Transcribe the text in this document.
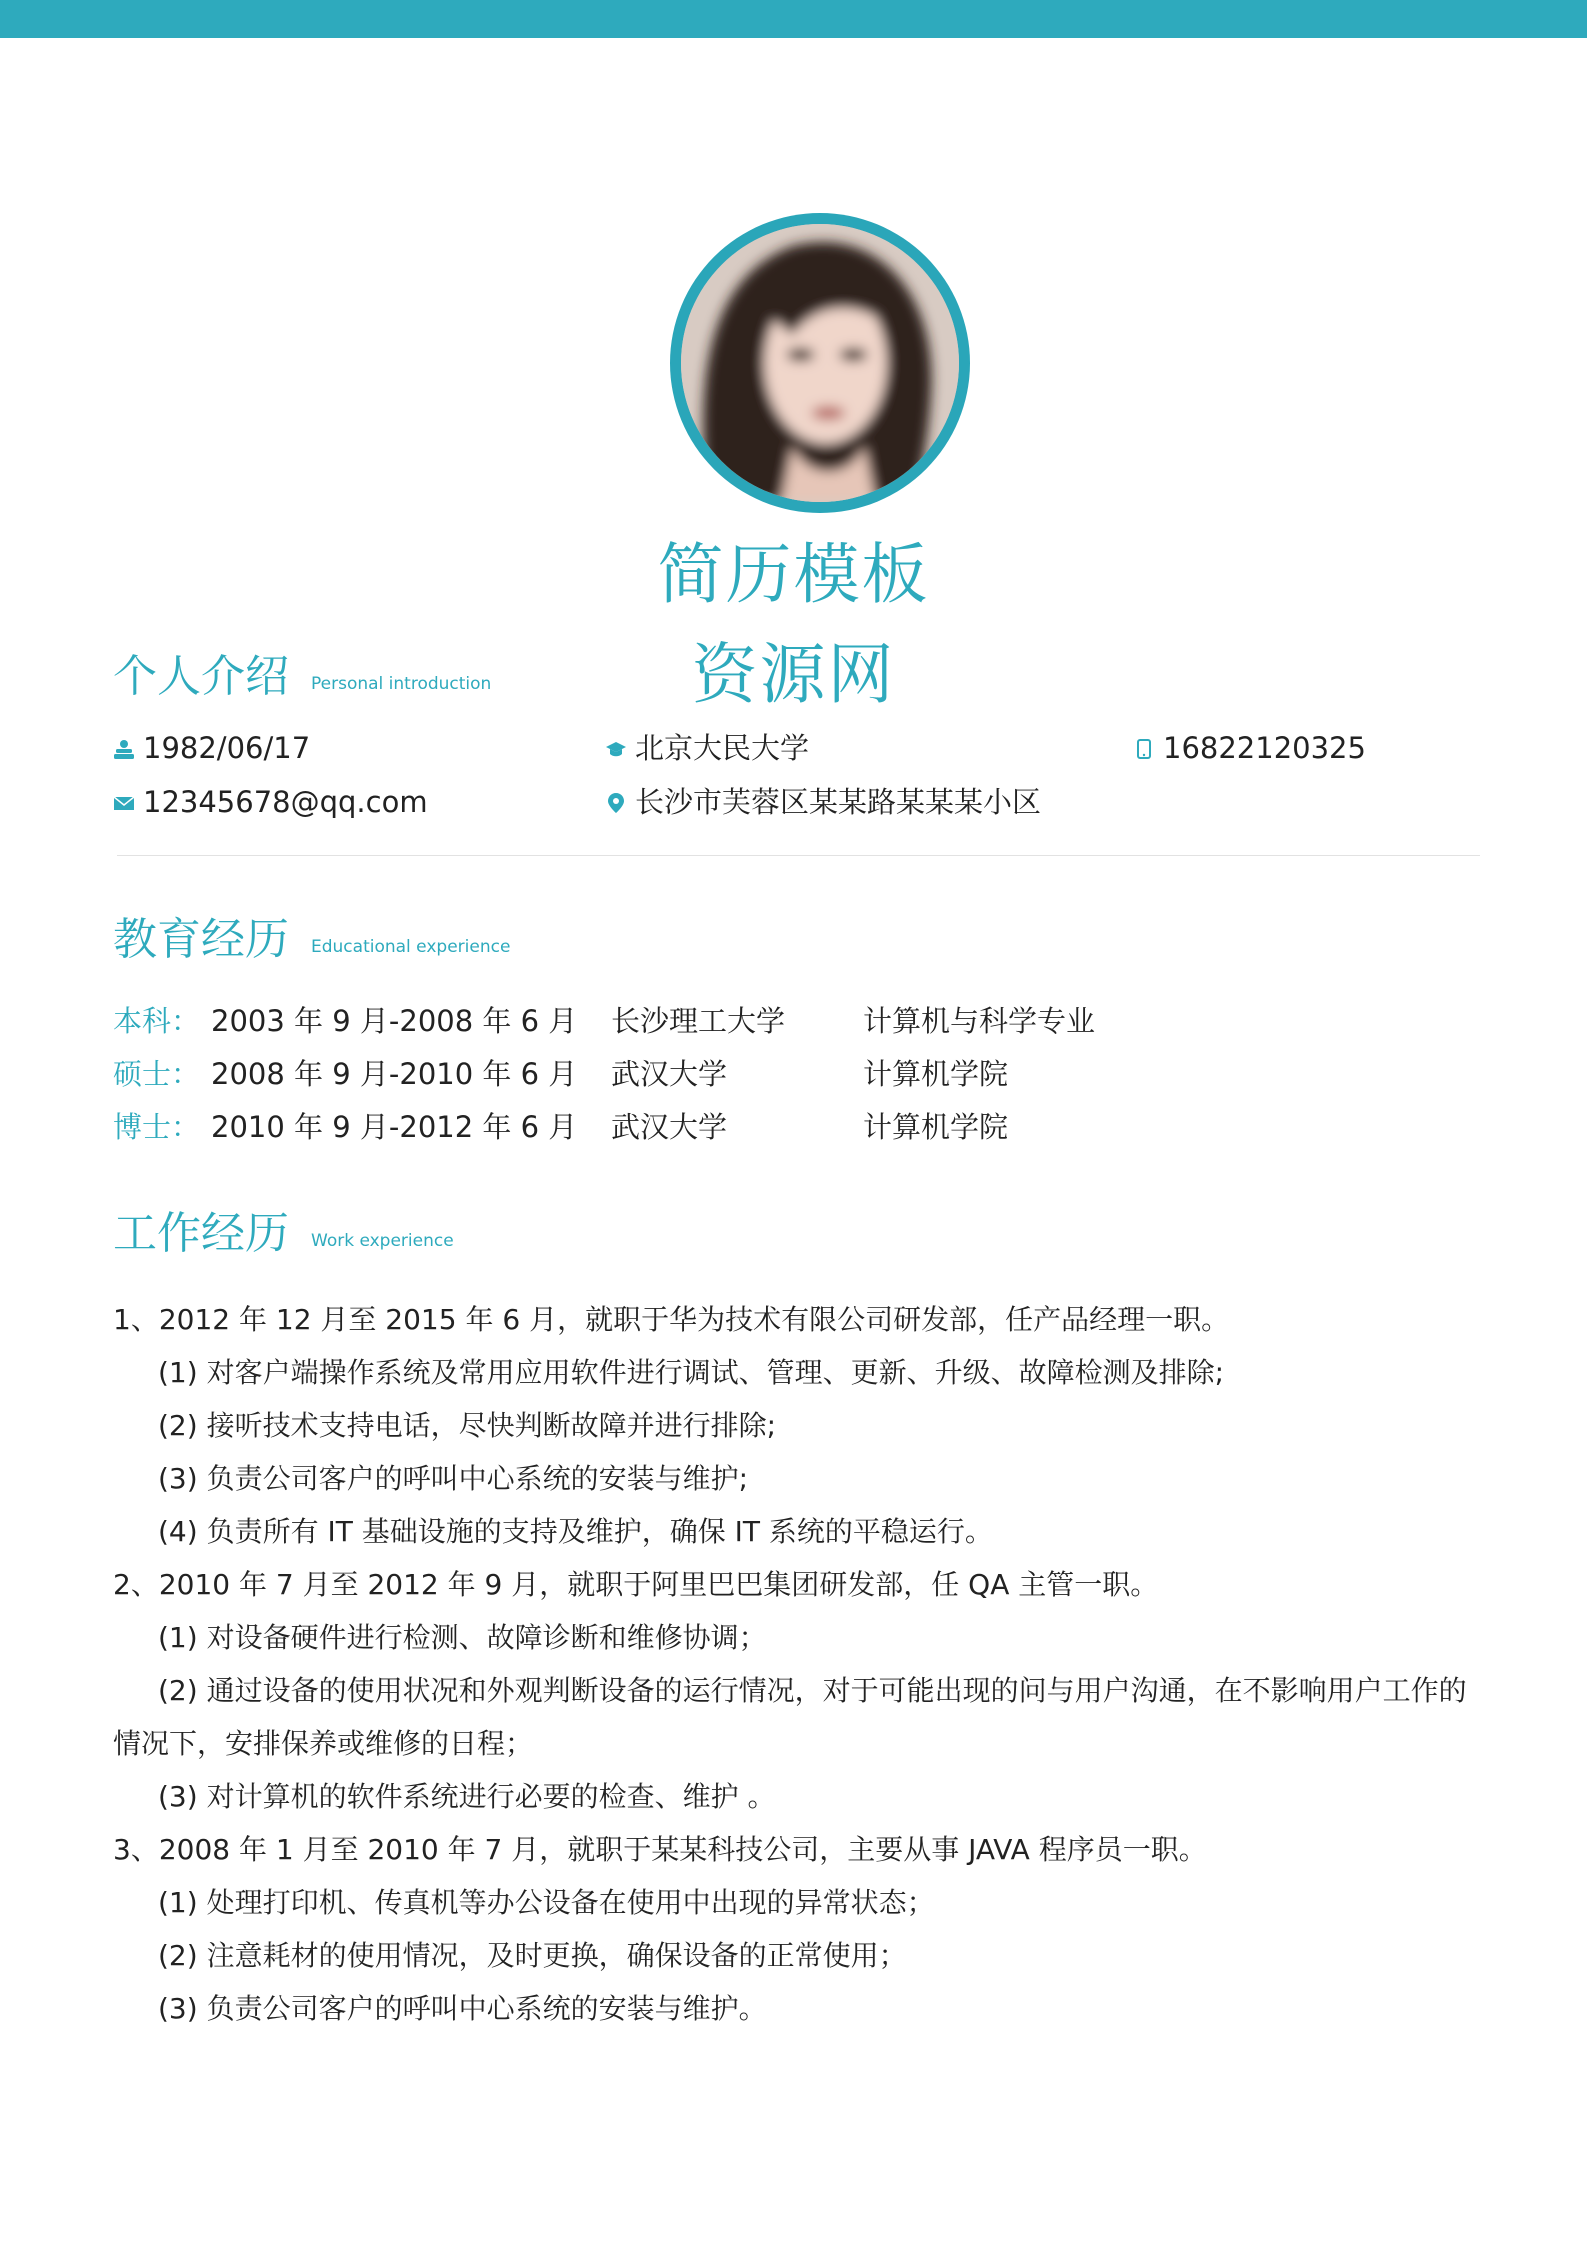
简历模板
资源网
个人介绍 Personal introduction
1982/06/17	北京大民大学	16822120325
12345678@qq.com	长沙市芙蓉区某某路某某某小区
教育经历 Educational experience
本科： 2003 年 9 月-2008 年 6 月 长沙理工大学	计算机与科学专业
硕士： 2008 年 9 月-2010 年 6 月 武汉大学	计算机学院
博士： 2010 年 9 月-2012 年 6 月 武汉大学	计算机学院
工作经历 Work experience
1、2012 年 12 月至 2015 年 6 月，就职于华为技术有限公司研发部，任产品经理一职。
(1) 对客户端操作系统及常用应用软件进行调试、管理、更新、升级、故障检测及排除;
(2) 接听技术支持电话，尽快判断故障并进行排除;
(3) 负责公司客户的呼叫中心系统的安装与维护;
(4) 负责所有 IT 基础设施的支持及维护，确保 IT 系统的平稳运行。
2、2010 年 7 月至 2012 年 9 月，就职于阿里巴巴集团研发部，任 QA 主管一职。
(1) 对设备硬件进行检测、故障诊断和维修协调；
(2) 通过设备的使用状况和外观判断设备的运行情况，对于可能出现的问与用户沟通，在不影响用户工作的
情况下，安排保养或维修的日程；
(3) 对计算机的软件系统进行必要的检查、维护 。
3、2008 年 1 月至 2010 年 7 月，就职于某某科技公司，主要从事 JAVA 程序员一职。
(1) 处理打印机、传真机等办公设备在使用中出现的异常状态；
(2) 注意耗材的使用情况，及时更换，确保设备的正常使用；
(3) 负责公司客户的呼叫中心系统的安装与维护。
